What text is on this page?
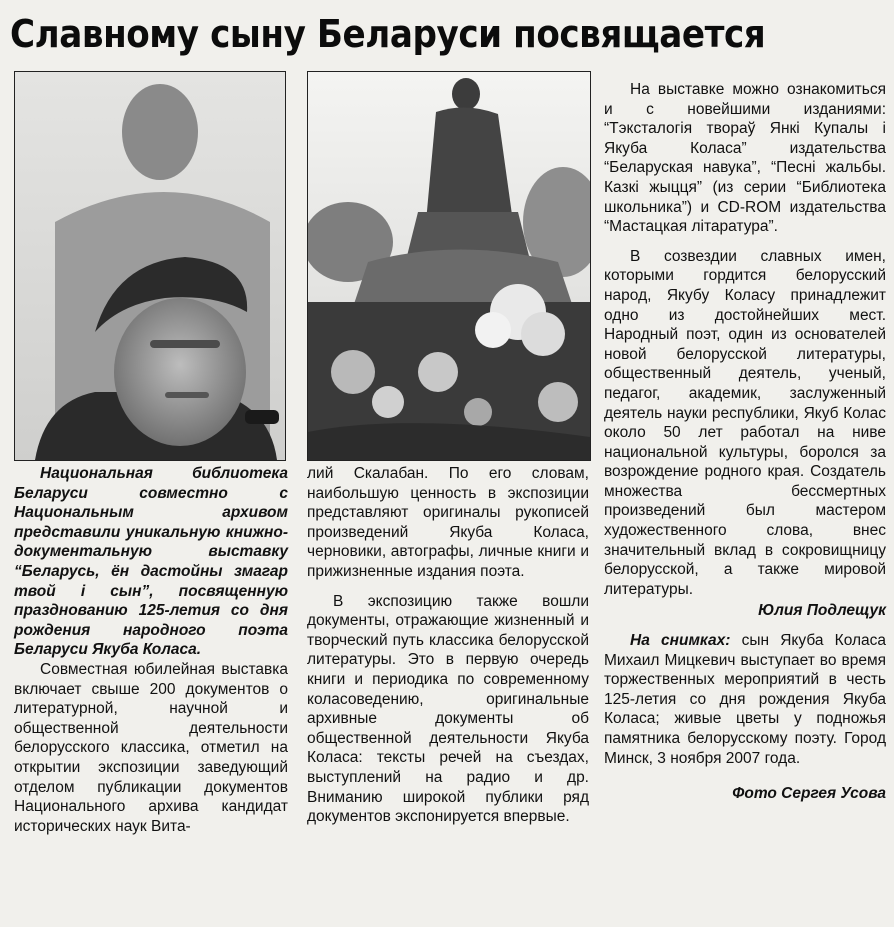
Славному сыну Беларуси посвящается

Национальная библиотека Беларуси совместно с Национальным архивом представили уникальную книжно-документальную выставку “Беларусь, ён дастойны змагар твой і сын”, посвященную празднованию 125-летия со дня рождения народного поэта Беларуси Якуба Коласа.

Совместная юбилейная выставка включает свыше 200 документов о литературной, научной и общественной деятельности белорусского классика, отметил на открытии экспозиции заведующий отделом публикации документов Национального архива кандидат исторических наук Вита-

лий Скалабан. По его словам, наибольшую ценность в экспозиции представляют оригиналы рукописей произведений Якуба Коласа, черновики, автографы, личные книги и прижизненные издания поэта.

В экспозицию также вошли документы, отражающие жизненный и творческий путь классика белорусской литературы. Это в первую очередь книги и периодика по современному коласоведению, оригинальные архивные документы об общественной деятельности Якуба Коласа: тексты речей на съездах, выступлений на радио и др. Вниманию широкой публики ряд документов экспонируется впервые.

На выставке можно ознакомиться и с новейшими изданиями: “Тэксталогія твораў Янкі Купалы і Якуба Коласа” издательства “Беларуская навука”, “Песні жальбы. Казкі жыцця” (из серии “Библиотека школьника”) и CD-ROM издательства “Мастацкая літаратура”.

В созвездии славных имен, которыми гордится белорусский народ, Якубу Коласу принадлежит одно из достойнейших мест. Народный поэт, один из основателей новой белорусской литературы, общественный деятель, ученый, педагог, академик, заслуженный деятель науки республики, Якуб Колас около 50 лет работал на ниве национальной культуры, боролся за возрождение родного края. Создатель множества бессмертных произведений был мастером художественного слова, внес значительный вклад в сокровищницу белорусской, а также мировой литературы.

Юлия Подлещук

На снимках: сын Якуба Коласа Михаил Мицкевич выступает во время торжественных мероприятий в честь 125-летия со дня рождения Якуба Коласа; живые цветы у подножья памятника белорусскому поэту. Город Минск, 3 ноября 2007 года.

Фото Сергея Усова
